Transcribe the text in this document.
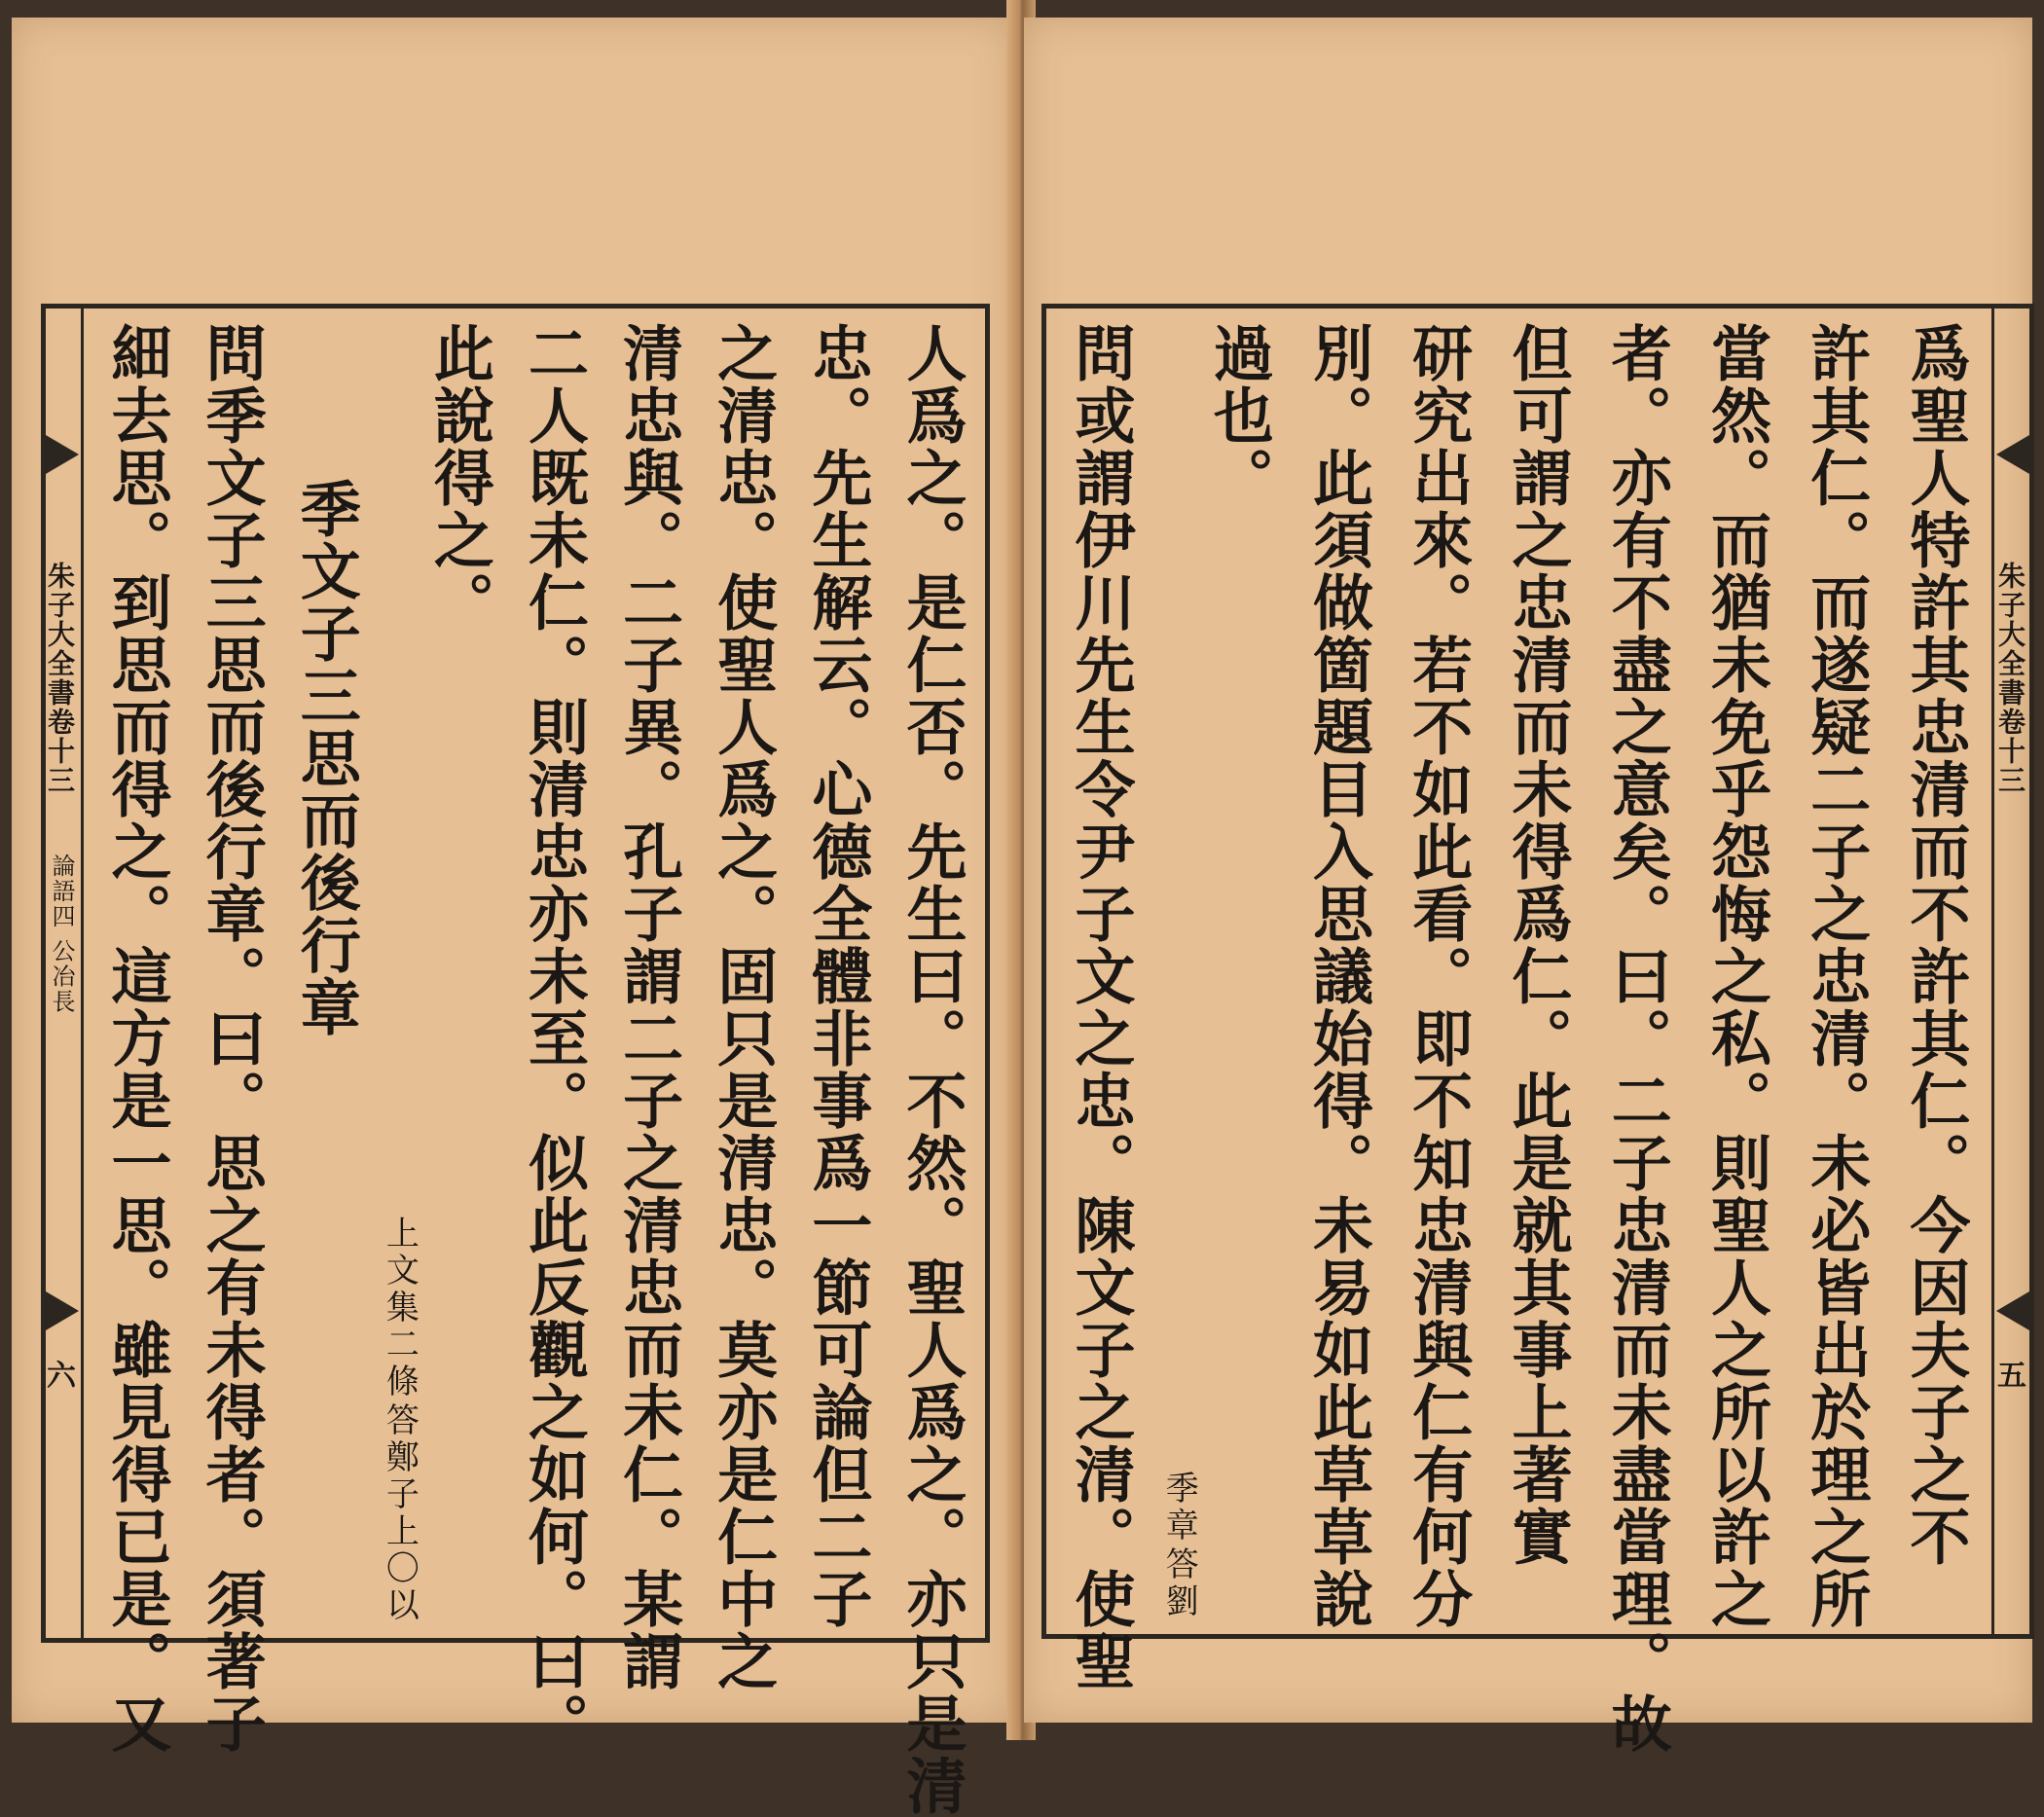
朱子大全書卷十三
論語四 公冶長
六	人爲之。是仁否。先生曰。不然。聖人爲之。亦只是清
忠。先生解云。心德全體非事爲一節可論但二子
之清忠。使聖人爲之。固只是清忠。莫亦是仁中之
清忠與。二子異。孔子謂二子之清忠而未仁。某謂
二人既未仁。則清忠亦未至。似此反觀之如何。曰。
此說得之。
答鄭子上〇以
上文集二條
季文子三思而後行章
問季文子三思而後行章。曰。思之有未得者。須著子
細去思。到思而得之。這方是一思。雖見得已是。又	朱子大全書卷十三
五
爲聖人特許其忠清而不許其仁。今因夫子之不
許其仁。而遂疑二子之忠清。未必皆出於理之所
當然。而猶未免乎怨悔之私。則聖人之所以許之
者。亦有不盡之意矣。曰。二子忠清而未盡當理。故
但可謂之忠清而未得爲仁。此是就其事上著實
研究出來。若不如此看。即不知忠清與仁有何分
別。此須做箇題目入思議始得。未易如此草草說
過也。
答劉
季章
問或謂伊川先生令尹子文之忠。陳文子之清。使聖
